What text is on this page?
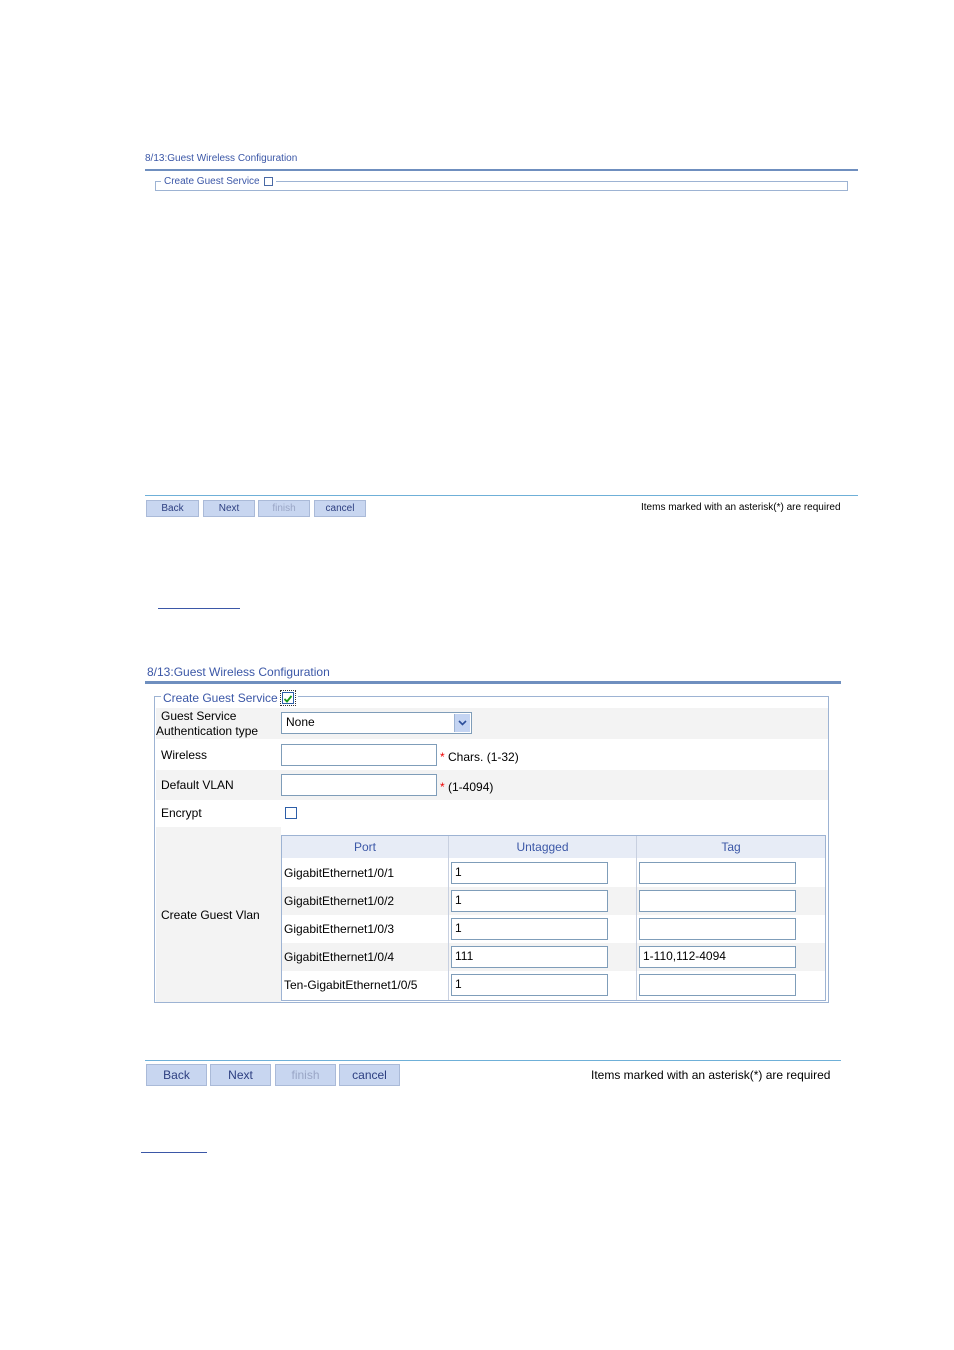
8/13:Guest Wireless Configuration
Create Guest Service
Back	Next	finish	cancel	Items marked with an asterisk(*) are required
8/13:Guest Wireless Configuration
Create Guest Service
Guest Service
Authentication type
None
Wireless	* Chars. (1-32)
Default VLAN	* (1-4094)
Encrypt
Create Guest Vlan
Port	Untagged	Tag
GigabitEthernet1/0/1	1
GigabitEthernet1/0/2	1
GigabitEthernet1/0/3	1
GigabitEthernet1/0/4	111	1-110,112-4094
Ten-GigabitEthernet1/0/5	1
Back	Next	finish	cancel	Items marked with an asterisk(*) are required
